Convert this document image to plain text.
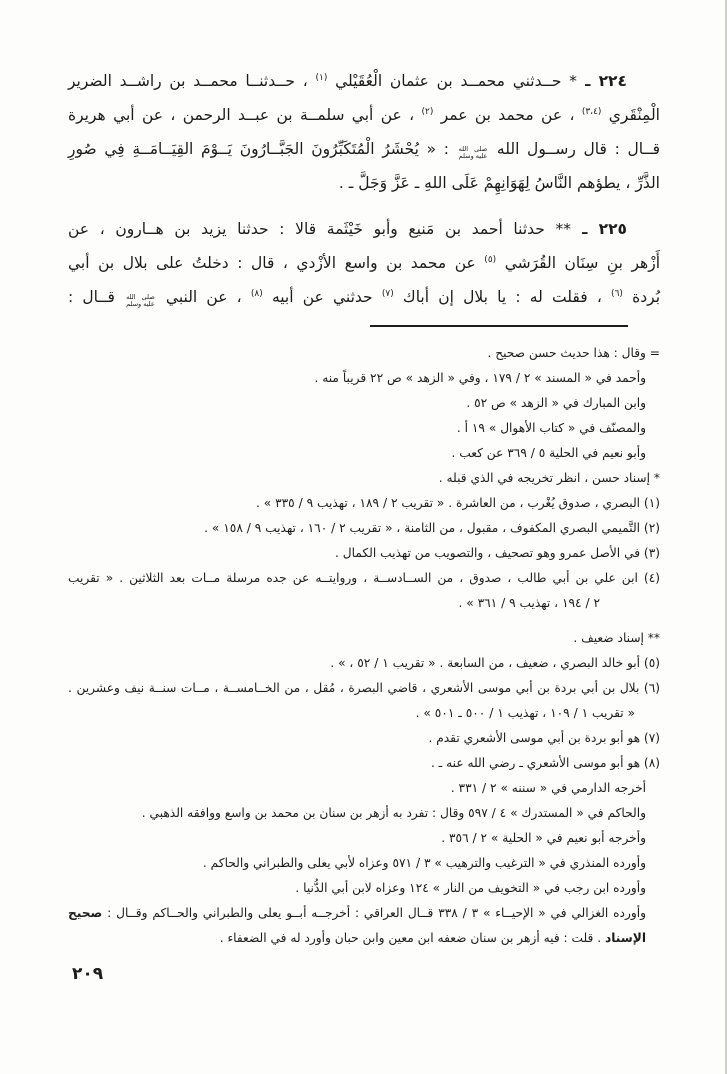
٢٢٤ ـ * حــدثني محمــد بن عثمان الْعُقَيْلي $^{(١)}$ ، حــدثنــا محمــد بن راشــد الضرير
الْمِنْقَري $^{(٣،٤)}$ ، عن محمد بن عمر $^{(٢)}$ ، عن أبي سلمــة بن عبــد الرحمن ، عن أبي هريرة
قــال : قال رســول الله
صلى الله
عليه وسلم
: « يُحْشَرُ الْمُتَكَبِّرُونَ الجَبَّــارُونَ يَــوْمَ القِيَــامَــةِ فِي صُورِ
الذَّرِّ ، يطؤهم النَّاسُ لِهَوَانِهِمْ عَلَى اللهِ ـ عَزَّ وَجَلَّ ـ .
٢٢٥ ـ ** حدثنا أحمد بن مَنيع وأبو خَيْثَمة قالا : حدثنا يزيد بن هــارون ، عن
أَزْهر بنِ سِنَان القُرَشي $^{(٥)}$ عن محمد بن واسع الأزْدي ، قال : دخلتُ على بلال بن أبي
بُردة $^{(٦)}$ ، فقلت له : يا بلال إن أباك $^{(٧)}$ حدثني عن أبيه $^{(٨)}$ ، عن النبي
صلى الله
عليه وسلم
قــال :
= وقال : هذا حديث حسن صحيح .
وأحمد في « المسند » ٢ / ١٧٩ ، وفي « الزهد » ص ٢٢ قريباً منه .
وابن المبارك في « الزهد » ص ٥٢ .
والمصنّف في « كتاب الأهوال » ١٩ أ .
وأبو نعيم في الحلية ٥ / ٣٦٩ عن كعب .
* إسناد حسن ، انظر تخريجه في الذي قبله .
(١) البصري ، صدوق يُغْرب ، من العاشرة . « تقريب ٢ / ١٨٩ ، تهذيب ٩ / ٣٣٥ » .
(٢) التَّميمي البصري المكفوف ، مقبول ، من الثامنة ، « تقريب ٢ / ١٦٠ ، تهذيب ٩ / ١٥٨ » .
(٣) في الأصل عمرو وهو تصحيف ، والتصويب من تهذيب الكمال .
(٤) ابن علي بن أبي طالب ، صدوق ، من الســادســة ، وروايتــه عن جده مرسلة مــات بعد الثلاثين . « تقريب
٢ / ١٩٤ ، تهذيب ٩ / ٣٦١ » .
** إسناد ضعيف .
(٥) أبو خالد البصري ، ضعيف ، من السابعة . « تقريب ١ / ٥٢ ، » .
(٦) بلال بن أبي بردة بن أبي موسى الأشعري ، قاضي البصرة ، مُقل ، من الخــامســة ، مــات سنــة نيف وعشرين .
« تقريب ١ / ١٠٩ ، تهذيب ١ / ٥٠٠ ـ ٥٠١ » .
(٧) هو أبو بردة بن أبي موسى الأشعري تقدم .
(٨) هو أبو موسى الأشعري ـ رضي الله عنه ـ .
أخرجه الدارمي في « سننه » ٢ / ٣٣١ .
والحاكم في « المستدرك » ٤ / ٥٩٧ وقال : تفرد به أزهر بن سنان بن محمد بن واسع ووافقه الذهبي .
وأخرجه أبو نعيم في « الحلية » ٢ / ٣٥٦ .
وأورده المنذري في « الترغيب والترهيب » ٣ / ٥٧١ وعزاه لأبي يعلى والطبراني والحاكم .
وأورده ابن رجب في « التخويف من النار » ١٢٤ وعزاه لابن أبي الدُّنيا .
وأورده الغزالي في « الإحيــاء » ٣ / ٣٣٨ قــال العراقي : أخرجــه أبــو يعلى والطبراني والحــاكم وقــال : صحيح
الإسناد . قلت : فيه أزهر بن سنان ضعفه ابن معين وابن حبان وأورد له في الضعفاء .
٢٠٩
